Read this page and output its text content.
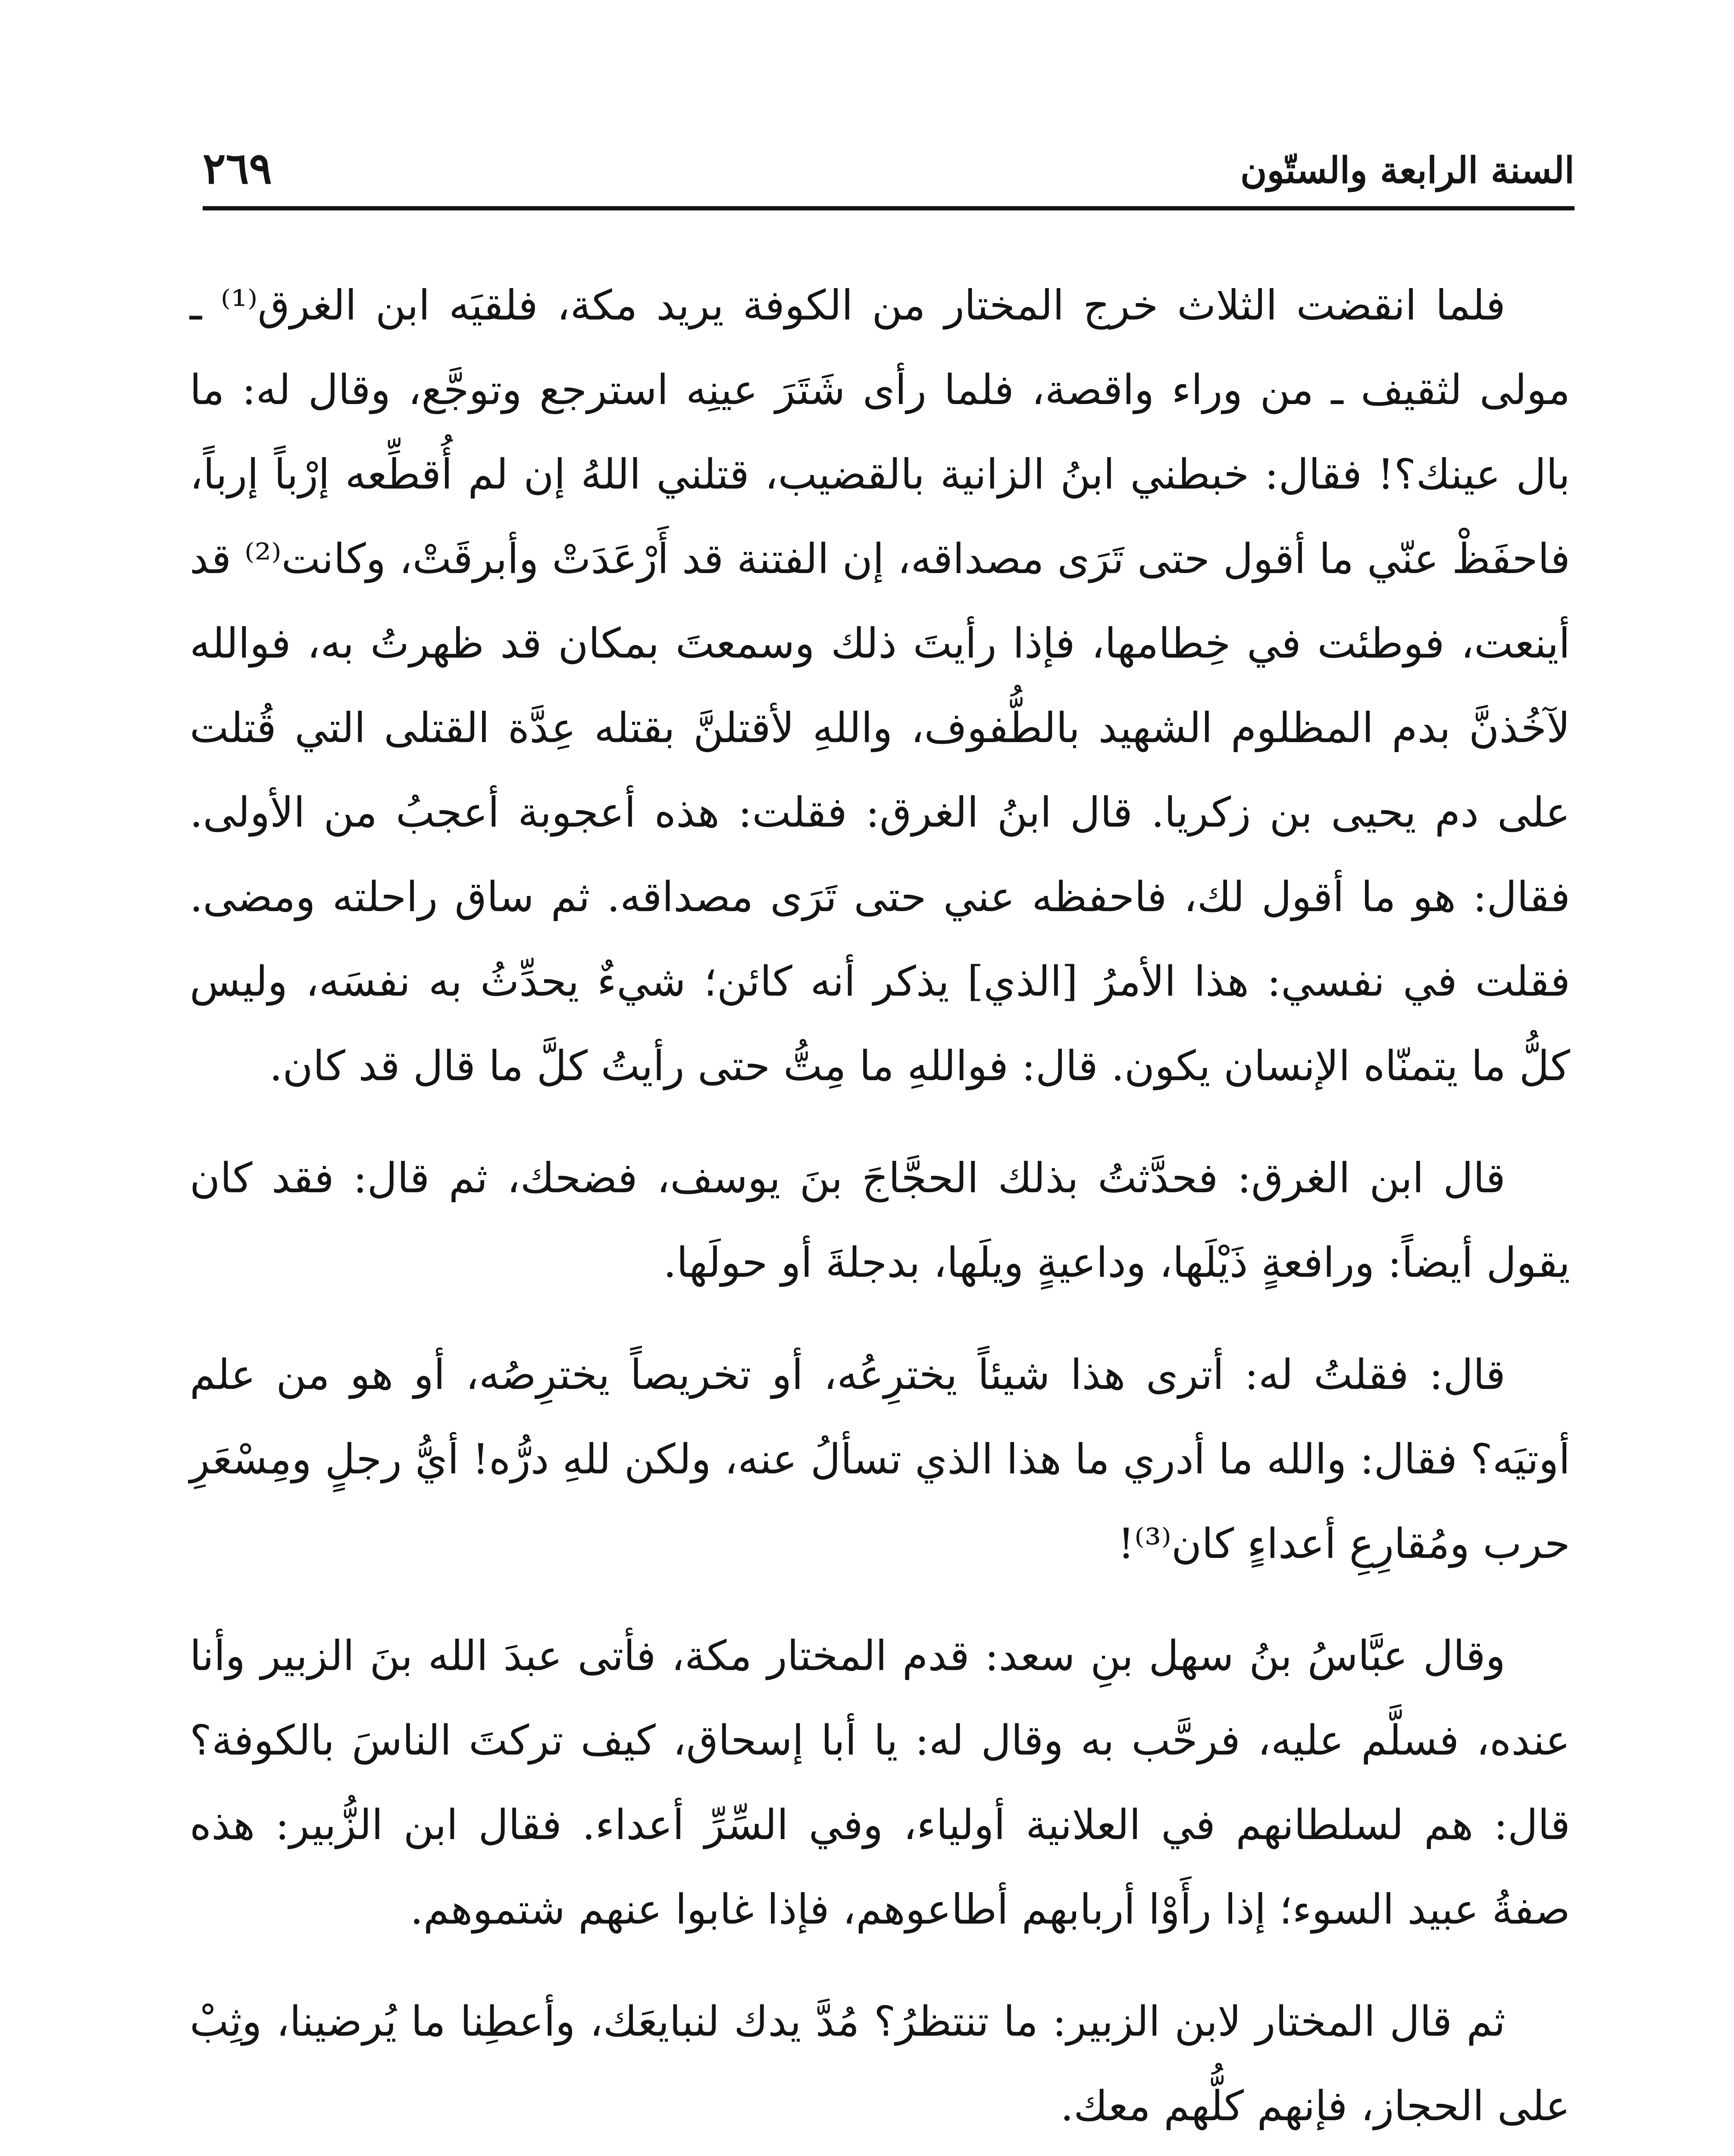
السنة الرابعة والستّون
٢٦٩

فلما انقضت الثلاث خرج المختار من الكوفة يريد مكة، فلقيَه ابن الغرق⁽¹⁾ ـ مولى لثقيف ـ من وراء واقصة، فلما رأى شَتَرَ عينِه استرجع وتوجَّع، وقال له: ما بال عينك؟! فقال: خبطني ابنُ الزانية بالقضيب، قتلني اللهُ إن لم أُقطِّعه إرْباً إرباً، فاحفَظْ عنّي ما أقول حتى تَرَى مصداقه، إن الفتنة قد أَرْعَدَتْ وأبرقَتْ، وكانت⁽²⁾ قد أينعت، فوطئت في خِطامها، فإذا رأيتَ ذلك وسمعتَ بمكان قد ظهرتُ به، فوالله لآخُذنَّ بدم المظلوم الشهيد بالطُّفوف، واللهِ لأقتلنَّ بقتله عِدَّة القتلى التي قُتلت على دم يحيى بن زكريا. قال ابنُ الغرق: فقلت: هذه أعجوبة أعجبُ من الأولى. فقال: هو ما أقول لك، فاحفظه عني حتى تَرَى مصداقه. ثم ساق راحلته ومضى. فقلت في نفسي: هذا الأمرُ [الذي] يذكر أنه كائن؛ شيءٌ يحدِّثُ به نفسَه، وليس كلُّ ما يتمنّاه الإنسان يكون. قال: فواللهِ ما مِتُّ حتى رأيتُ كلَّ ما قال قد كان.

قال ابن الغرق: فحدَّثتُ بذلك الحجَّاجَ بنَ يوسف، فضحك، ثم قال: فقد كان يقول أيضاً: ورافعةٍ ذَيْلَها، وداعيةٍ ويلَها، بدجلةَ أو حولَها.

قال: فقلتُ له: أترى هذا شيئاً يخترِعُه، أو تخريصاً يخترِصُه، أو هو من علم أوتيَه؟ فقال: والله ما أدري ما هذا الذي تسألُ عنه، ولكن للهِ درُّه! أيُّ رجلٍ ومِسْعَرِ حرب ومُقارِعِ أعداءٍ كان⁽³⁾!

وقال عبَّاسُ بنُ سهل بنِ سعد: قدم المختار مكة، فأتى عبدَ الله بنَ الزبير وأنا عنده، فسلَّم عليه، فرحَّب به وقال له: يا أبا إسحاق، كيف تركتَ الناسَ بالكوفة؟ قال: هم لسلطانهم في العلانية أولياء، وفي السِّرِّ أعداء. فقال ابن الزُّبير: هذه صفةُ عبيد السوء؛ إذا رأَوْا أربابهم أطاعوهم، فإذا غابوا عنهم شتموهم.

ثم قال المختار لابن الزبير: ما تنتظرُ؟ مُدَّ يدك لنبايعَك، وأعطِنا ما يُرضينا، وثِبْ على الحجاز، فإنهم كلُّهم معك.
